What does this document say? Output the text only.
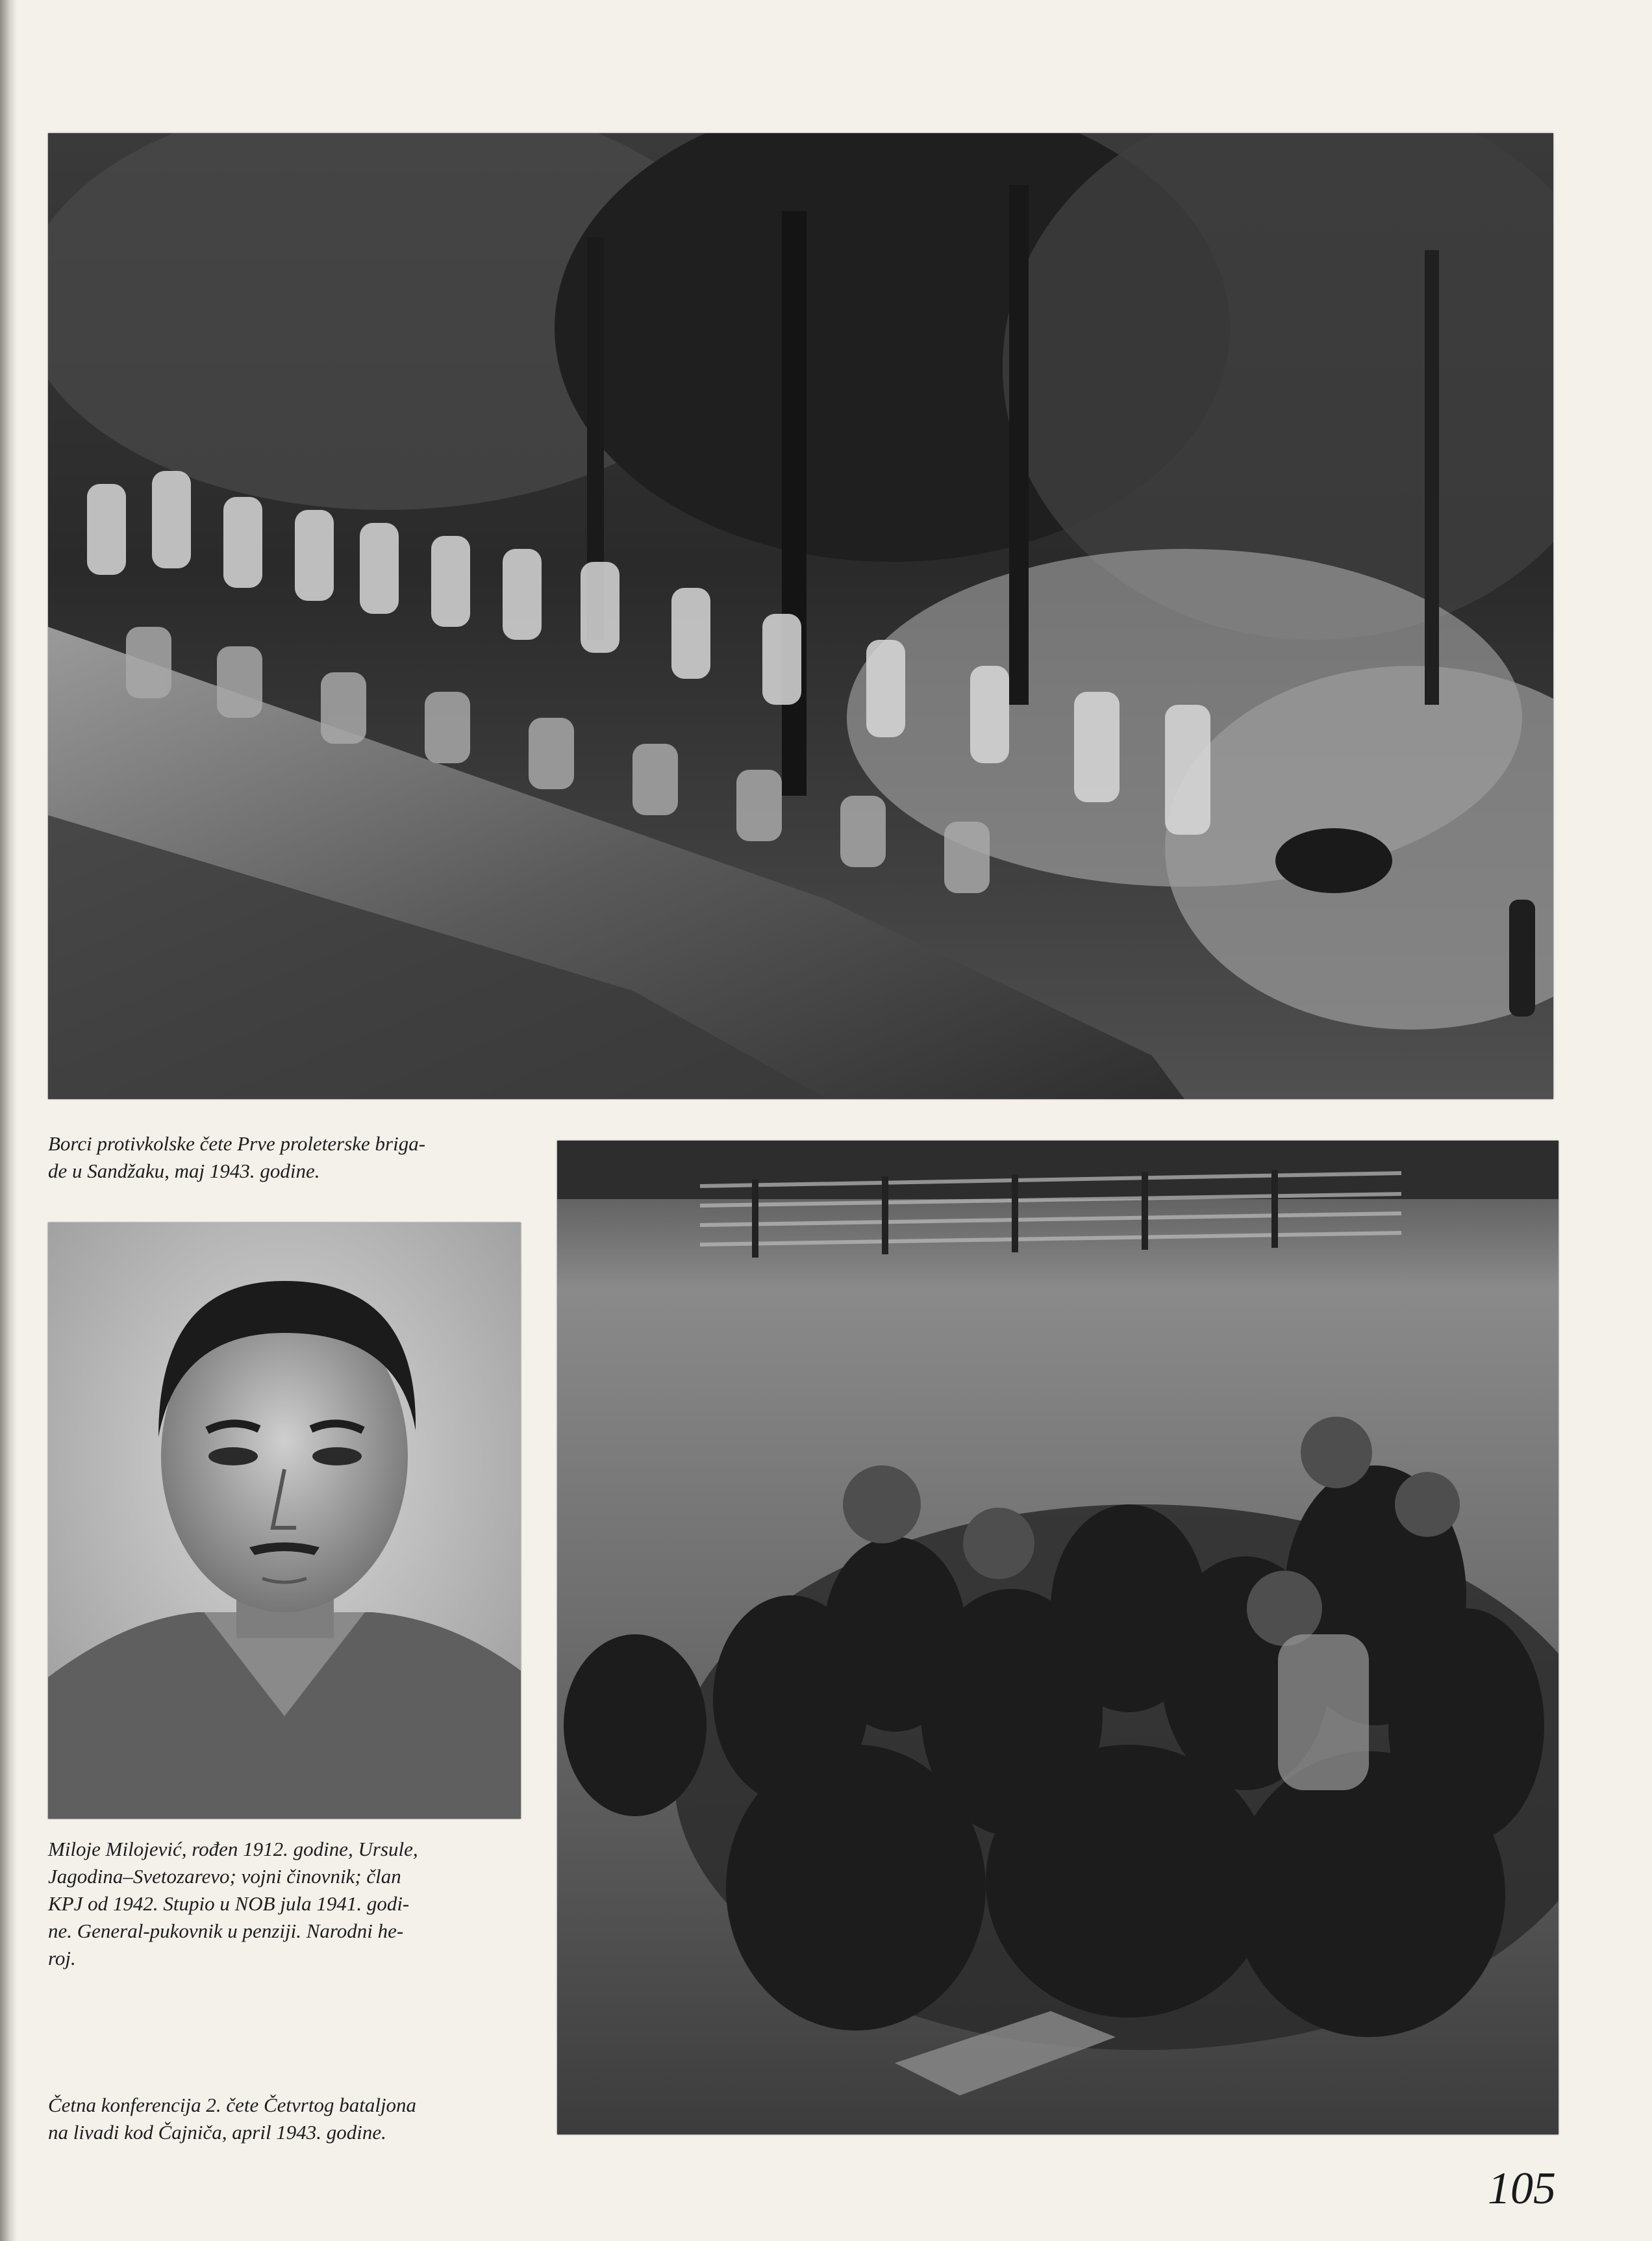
Borci protivkolske čete Prve proleterske briga-
de u Sandžaku, maj 1943. godine.

Miloje Milojević, rođen 1912. godine, Ursule,
Jagodina–Svetozarevo; vojni činovnik; član
KPJ od 1942. Stupio u NOB jula 1941. godi-
ne. General-pukovnik u penziji. Narodni he-
roj.

Četna konferencija 2. čete Četvrtog bataljona
na livadi kod Čajniča, april 1943. godine.

105
